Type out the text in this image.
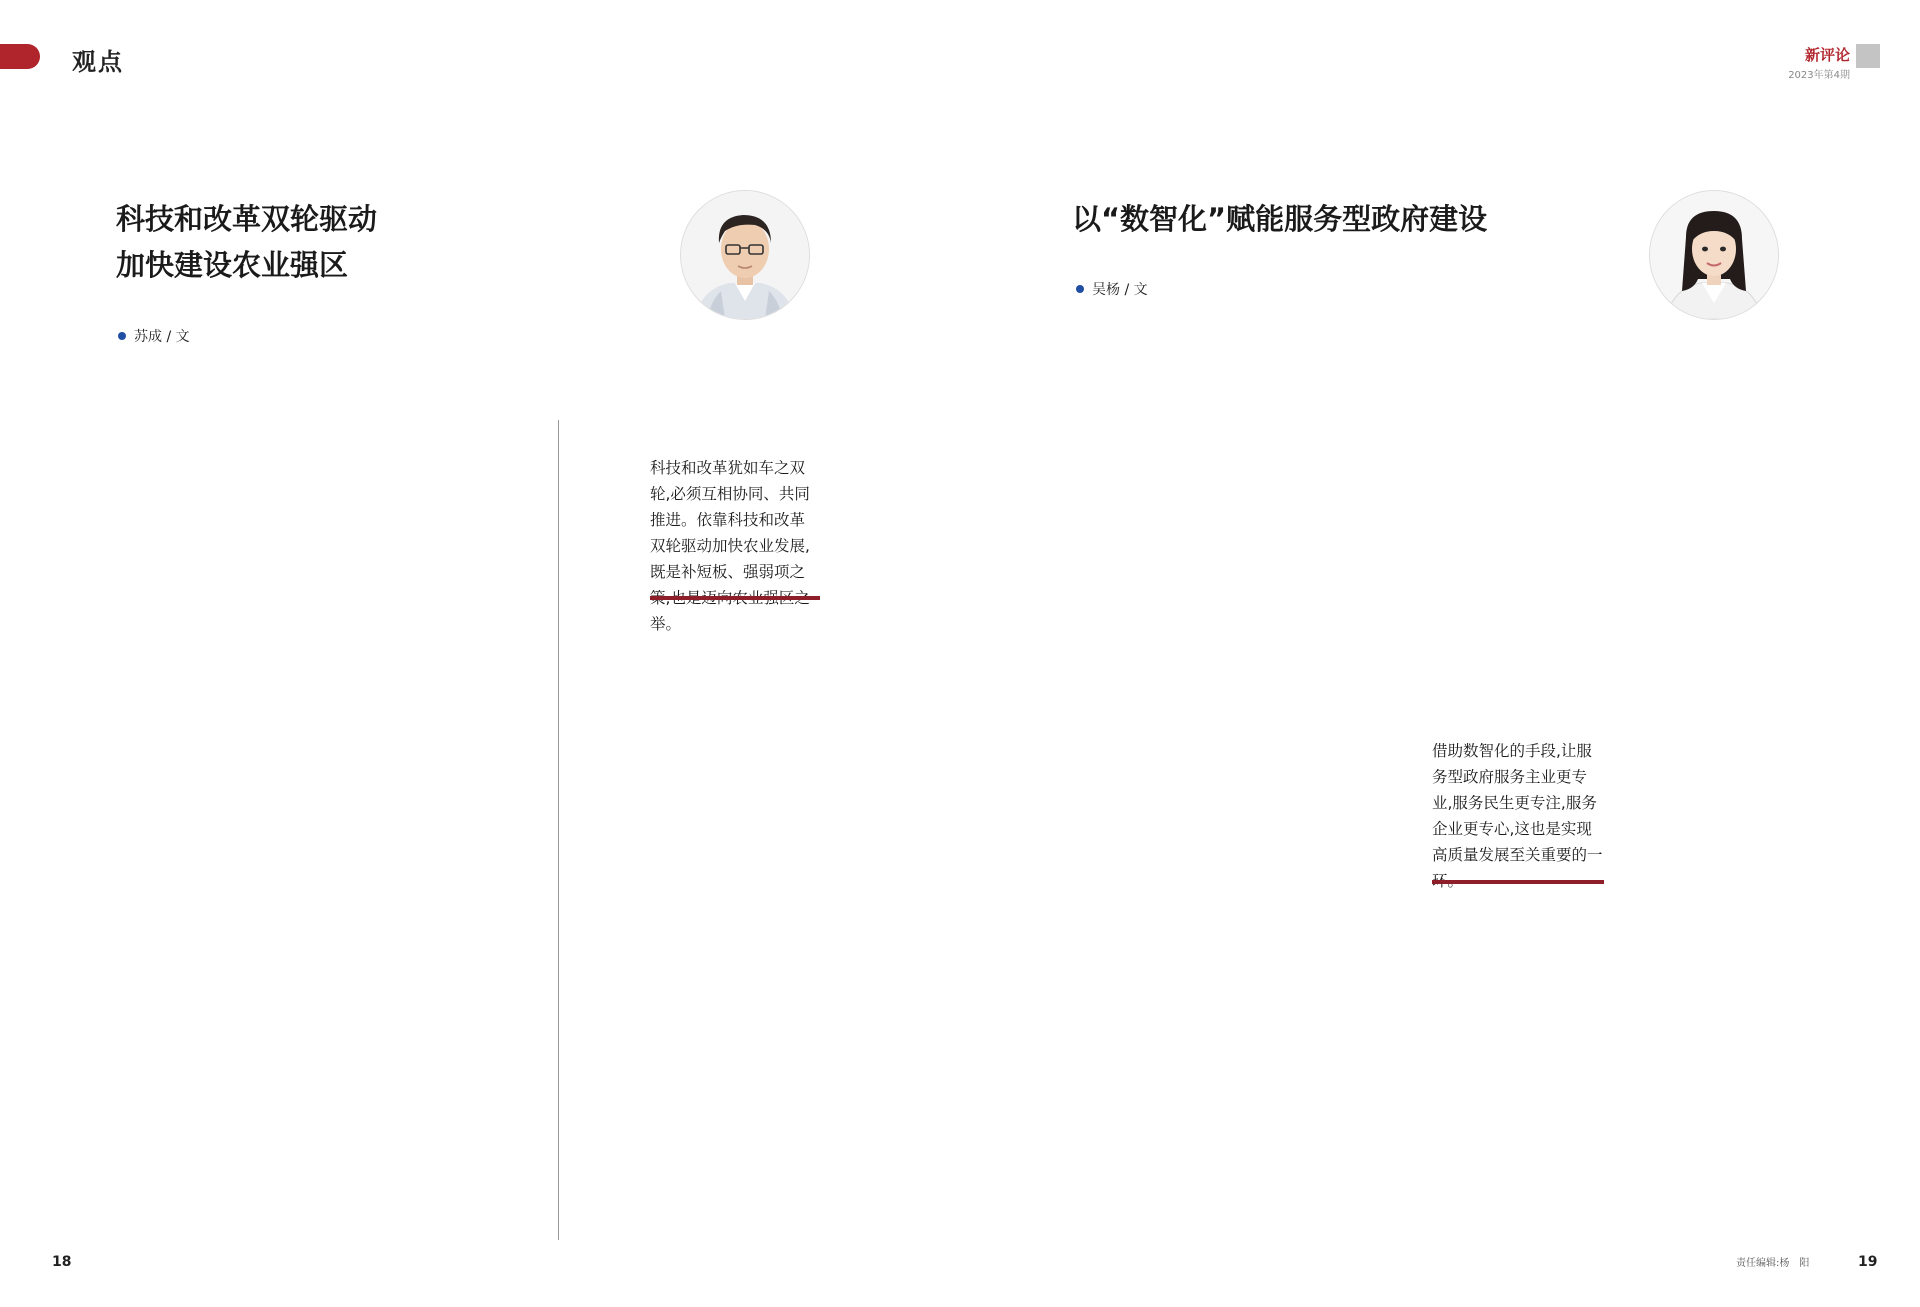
观点	新评论
2023年第4期
科技和改革双轮驱动
加快建设农业强区
苏成 / 文
科技和改革犹如车之双轮,必须互相协同、共同推进。依靠科技和改革双轮驱动加快农业发展,既是补短板、强弱项之 举。
18
以“数智化”赋能服务型政府建设
吴杨 / 文
借助数智化的手段,让服务型政府服务主业更专业,服务民生更专注,服务企业更专心,这也是实现高质量发展至关重要的一
责任编辑:杨　阳	19
